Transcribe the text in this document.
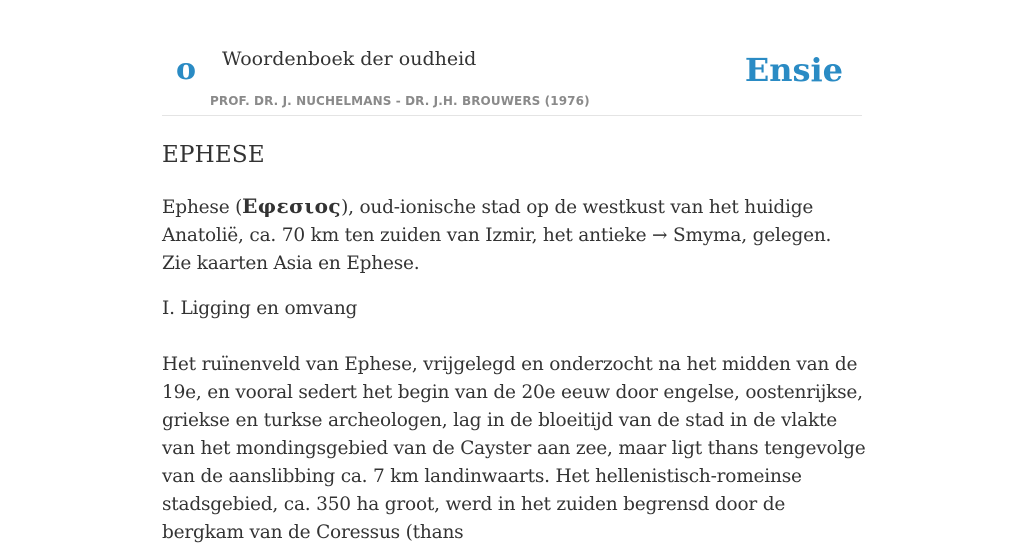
o Woordenboek der oudheid
PROF. DR. J. NUCHELMANS - DR. J.H. BROUWERS (1976)
Ensie
EPHESE

Ephese (Εφεσιος), oud-ionische stad op de westkust van het huidige Anatolië, ca. 70 km ten zuiden van Izmir, het antieke → Smyma, gelegen. Zie kaarten Asia en Ephese.

I. Ligging en omvang

Het ruïnenveld van Ephese, vrijgelegd en onderzocht na het midden van de 19e, en vooral sedert het begin van de 20e eeuw door engelse, oostenrijkse, griekse en turkse archeologen, lag in de bloeitijd van de stad in de vlakte van het mondingsgebied van de Cayster aan zee, maar ligt thans tengevolge van de aanslibbing ca. 7 km landinwaarts. Het hellenistisch-romeinse stadsgebied, ca. 350 ha groot, werd in het zuiden begrensd door de bergkam van de Coressus (thans
